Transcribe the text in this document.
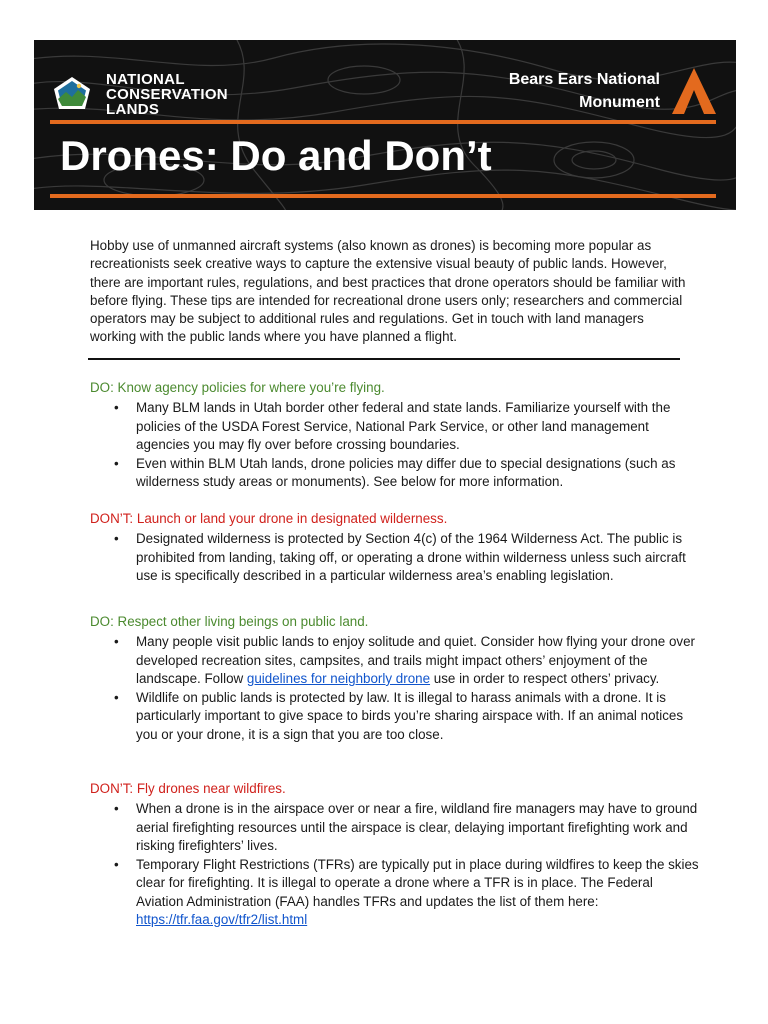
NATIONAL
CONSERVATION
LANDS
Bears Ears National
Monument
Drones: Do and Don’t
Hobby use of unmanned aircraft systems (also known as drones) is becoming more popular as recreationists seek creative ways to capture the extensive visual beauty of public lands. However, there are important rules, regulations, and best practices that drone operators should be familiar with before flying. These tips are intended for recreational drone users only; researchers and commercial operators may be subject to additional rules and regulations. Get in touch with land managers working with the public lands where you have planned a flight.
DO: Know agency policies for where you’re flying.
• Many BLM lands in Utah border other federal and state lands. Familiarize yourself with the policies of the USDA Forest Service, National Park Service, or other land management agencies you may fly over before crossing boundaries.
• Even within BLM Utah lands, drone policies may differ due to special designations (such as wilderness study areas or monuments). See below for more information.
DON’T: Launch or land your drone in designated wilderness.
• Designated wilderness is protected by Section 4(c) of the 1964 Wilderness Act. The public is prohibited from landing, taking off, or operating a drone within wilderness unless such aircraft use is specifically described in a particular wilderness area’s enabling legislation.
DO: Respect other living beings on public land.
• Many people visit public lands to enjoy solitude and quiet. Consider how flying your drone over developed recreation sites, campsites, and trails might impact others’ enjoyment of the landscape. Follow guidelines for neighborly drone use in order to respect others’ privacy.
• Wildlife on public lands is protected by law. It is illegal to harass animals with a drone. It is particularly important to give space to birds you’re sharing airspace with. If an animal notices you or your drone, it is a sign that you are too close.
DON’T: Fly drones near wildfires.
• When a drone is in the airspace over or near a fire, wildland fire managers may have to ground aerial firefighting resources until the airspace is clear, delaying important firefighting work and risking firefighters’ lives.
• Temporary Flight Restrictions (TFRs) are typically put in place during wildfires to keep the skies clear for firefighting. It is illegal to operate a drone where a TFR is in place. The Federal Aviation Administration (FAA) handles TFRs and updates the list of them here: https://tfr.faa.gov/tfr2/list.html
